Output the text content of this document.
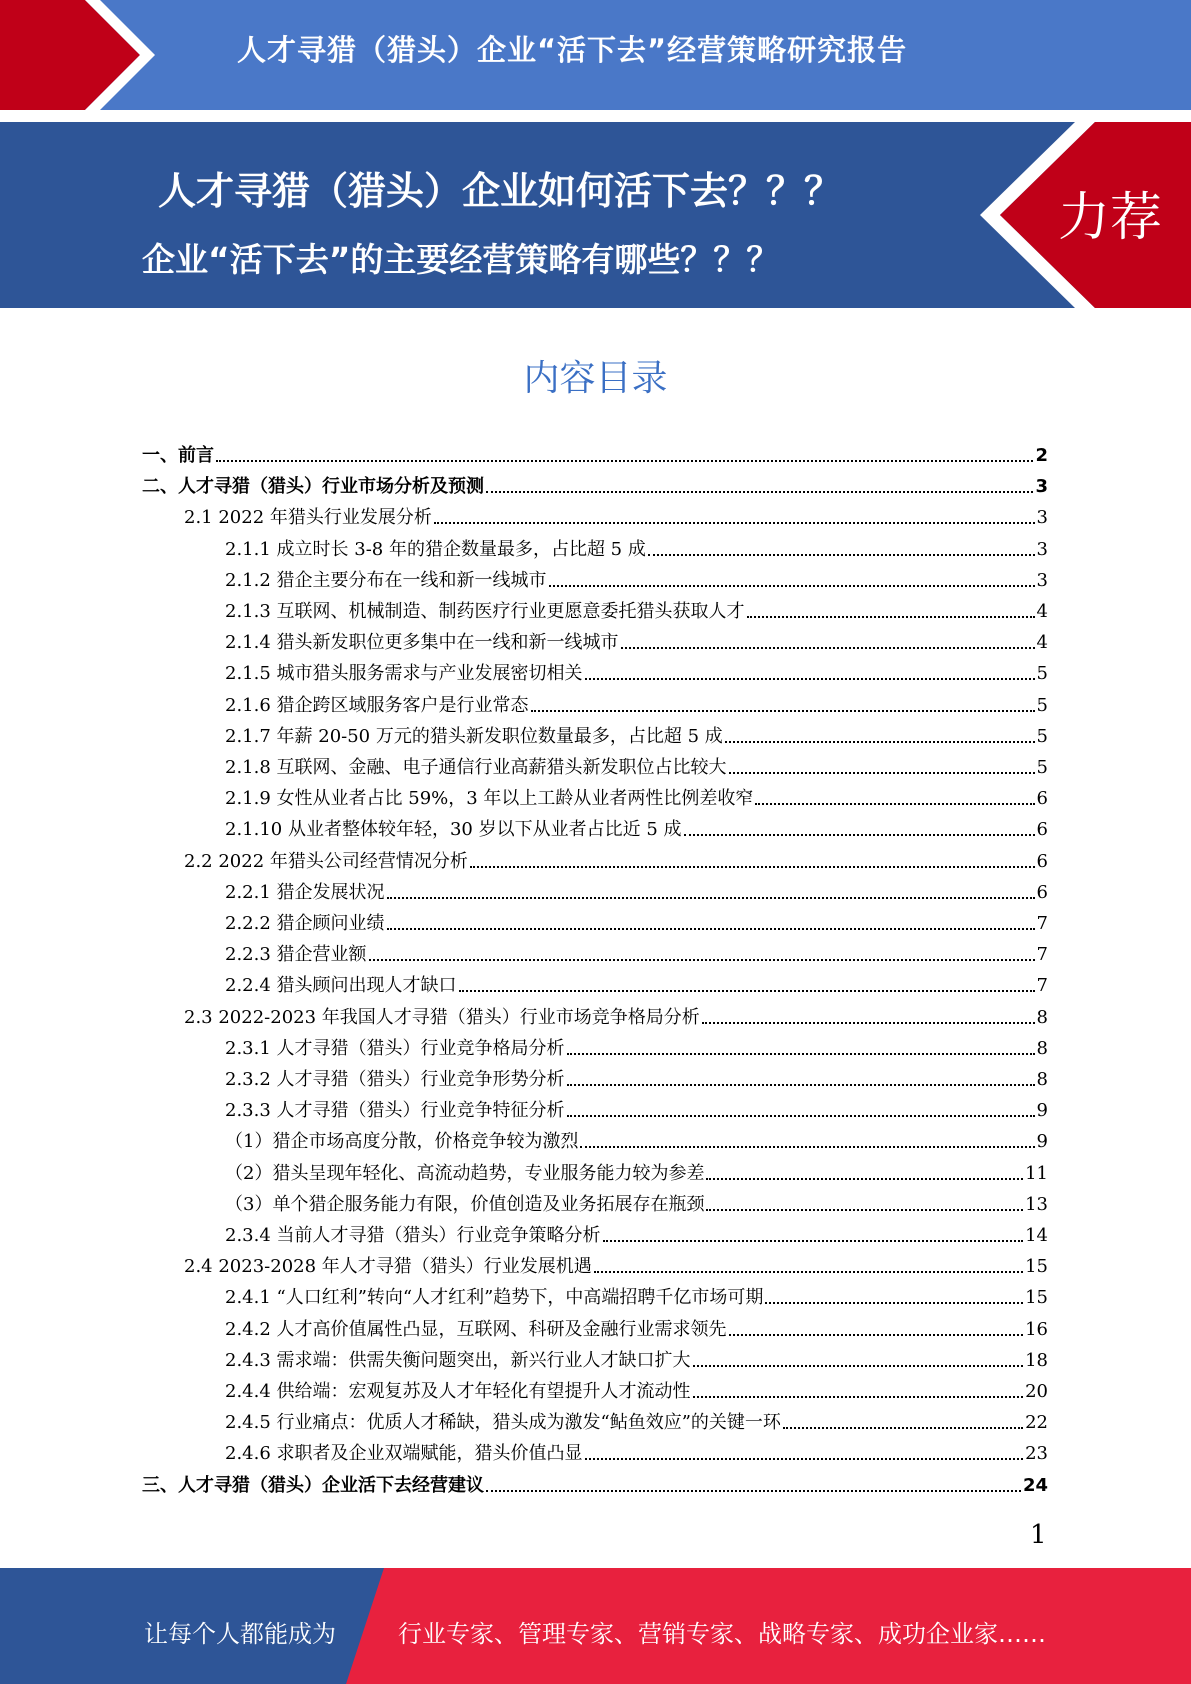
人才寻猎（猎头）企业“活下去”经营策略研究报告
人才寻猎（猎头）企业如何活下去？？？
企业“活下去”的主要经营策略有哪些？？？
力荐
内容目录
一、前言	2
二、人才寻猎（猎头）行业市场分析及预测	3
2.1 2022 年猎头行业发展分析	3
2.1.1 成立时长 3-8 年的猎企数量最多，占比超 5 成	3
2.1.2 猎企主要分布在一线和新一线城市	3
2.1.3 互联网、机械制造、制药医疗行业更愿意委托猎头获取人才	4
2.1.4 猎头新发职位更多集中在一线和新一线城市	4
2.1.5 城市猎头服务需求与产业发展密切相关	5
2.1.6 猎企跨区域服务客户是行业常态	5
2.1.7 年薪 20-50 万元的猎头新发职位数量最多，占比超 5 成	5
2.1.8 互联网、金融、电子通信行业高薪猎头新发职位占比较大	5
2.1.9 女性从业者占比 59%，3 年以上工龄从业者两性比例差收窄	6
2.1.10 从业者整体较年轻，30 岁以下从业者占比近 5 成	6
2.2 2022 年猎头公司经营情况分析	6
2.2.1 猎企发展状况	6
2.2.2 猎企顾问业绩	7
2.2.3 猎企营业额	7
2.2.4 猎头顾问出现人才缺口	7
2.3 2022-2023 年我国人才寻猎（猎头）行业市场竞争格局分析	8
2.3.1 人才寻猎（猎头）行业竞争格局分析	8
2.3.2 人才寻猎（猎头）行业竞争形势分析	8
2.3.3 人才寻猎（猎头）行业竞争特征分析	9
（1）猎企市场高度分散，价格竞争较为激烈	9
（2）猎头呈现年轻化、高流动趋势，专业服务能力较为参差	11
（3）单个猎企服务能力有限，价值创造及业务拓展存在瓶颈	13
2.3.4 当前人才寻猎（猎头）行业竞争策略分析	14
2.4 2023-2028 年人才寻猎（猎头）行业发展机遇	15
2.4.1 “人口红利”转向“人才红利”趋势下，中高端招聘千亿市场可期	15
2.4.2 人才高价值属性凸显，互联网、科研及金融行业需求领先	16
2.4.3 需求端：供需失衡问题突出，新兴行业人才缺口扩大	18
2.4.4 供给端：宏观复苏及人才年轻化有望提升人才流动性	20
2.4.5 行业痛点：优质人才稀缺，猎头成为激发“鲇鱼效应”的关键一环	22
2.4.6 求职者及企业双端赋能，猎头价值凸显	23
三、人才寻猎（猎头）企业活下去经营建议	24
1
让每个人都能成为	行业专家、管理专家、营销专家、战略专家、成功企业家……
